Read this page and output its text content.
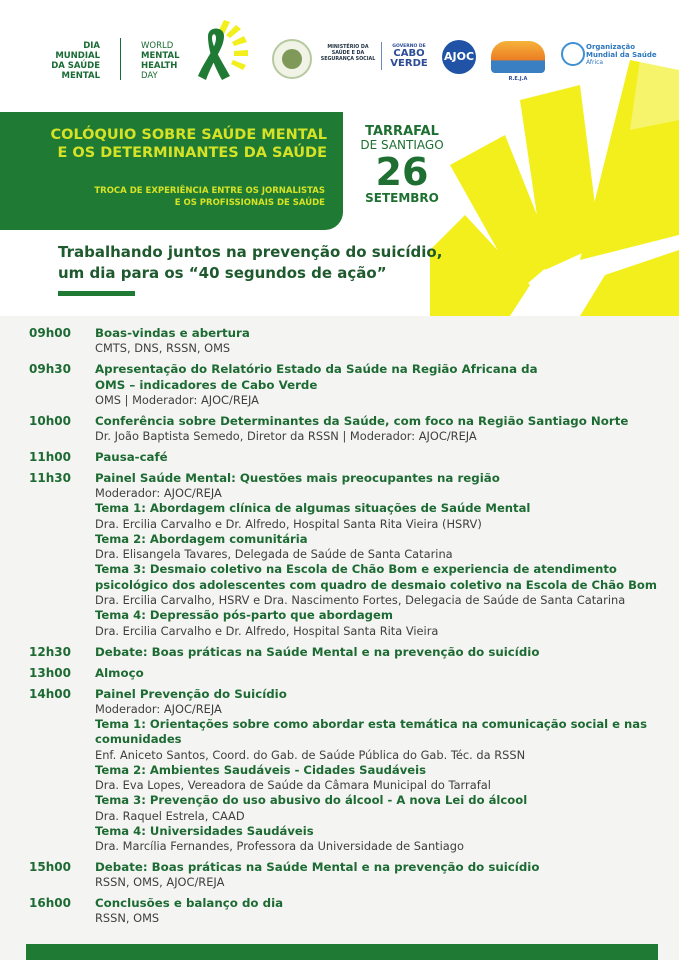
DIA
MUNDIAL
DA SAÚDE
MENTAL
WORLD
MENTAL
HEALTH
DAY
MINISTÉRIO DA
SAÚDE E DA
SEGURANÇA SOCIAL
GOVERNO DE
CABO
VERDE
AJOC
R.E.J.A
Organização
Mundial da Saúde
África
COLÓQUIO SOBRE SAÚDE MENTAL
E OS DETERMINANTES DA SAÚDE
TROCA DE EXPERIÊNCIA ENTRE OS JORNALISTAS
E OS PROFISSIONAIS DE SAÚDE
TARRAFAL
DE SANTIAGO
26
SETEMBRO
Trabalhando juntos na prevenção do suicídio,
um dia para os “40 segundos de ação”
09h00 Boas-vindas e abertura
CMTS, DNS, RSSN, OMS
09h30 Apresentação do Relatório Estado da Saúde na Região Africana da
OMS – indicadores de Cabo Verde
OMS | Moderador: AJOC/REJA
10h00 Conferência sobre Determinantes da Saúde, com foco na Região Santiago Norte
Dr. João Baptista Semedo, Diretor da RSSN | Moderador: AJOC/REJA
11h00 Pausa-café
11h30 Painel Saúde Mental: Questões mais preocupantes na região
Moderador: AJOC/REJA
Tema 1: Abordagem clínica de algumas situações de Saúde Mental
Dra. Ercilia Carvalho e Dr. Alfredo, Hospital Santa Rita Vieira (HSRV)
Tema 2: Abordagem comunitária
Dra. Elisangela Tavares, Delegada de Saúde de Santa Catarina
Tema 3: Desmaio coletivo na Escola de Chão Bom e experiencia de atendimento
psicológico dos adolescentes com quadro de desmaio coletivo na Escola de Chão Bom
Dra. Ercilia Carvalho, HSRV e Dra. Nascimento Fortes, Delegacia de Saúde de Santa Catarina
Tema 4: Depressão pós-parto que abordagem
Dra. Ercilia Carvalho e Dr. Alfredo, Hospital Santa Rita Vieira
12h30 Debate: Boas práticas na Saúde Mental e na prevenção do suicídio
13h00 Almoço
14h00 Painel Prevenção do Suicídio
Moderador: AJOC/REJA
Tema 1: Orientações sobre como abordar esta temática na comunicação social e nas
comunidades
Enf. Aniceto Santos, Coord. do Gab. de Saúde Pública do Gab. Téc. da RSSN
Tema 2: Ambientes Saudáveis - Cidades Saudáveis
Dra. Eva Lopes, Vereadora de Saúde da Câmara Municipal do Tarrafal
Tema 3: Prevenção do uso abusivo do álcool - A nova Lei do álcool
Dra. Raquel Estrela, CAAD
Tema 4: Universidades Saudáveis
Dra. Marcília Fernandes, Professora da Universidade de Santiago
15h00 Debate: Boas práticas na Saúde Mental e na prevenção do suicídio
RSSN, OMS, AJOC/REJA
16h00 Conclusões e balanço do dia
RSSN, OMS
